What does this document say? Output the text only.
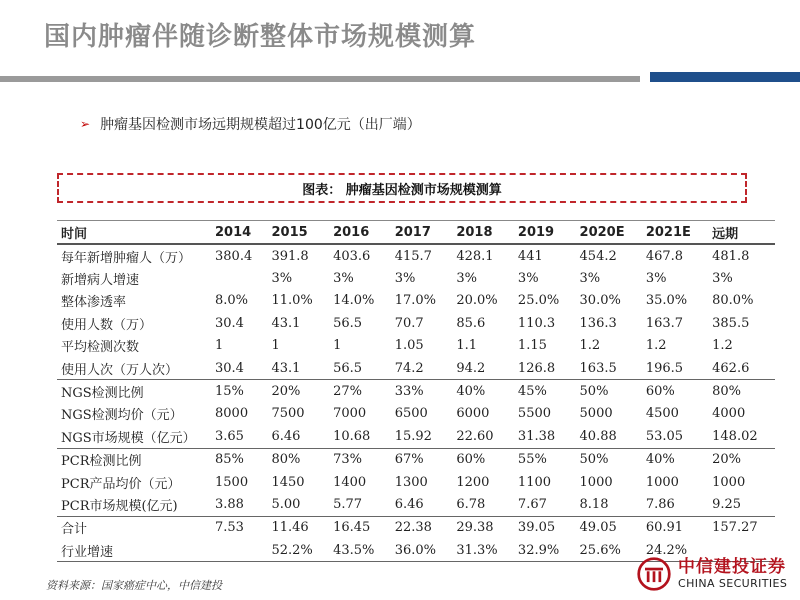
国内肿瘤伴随诊断整体市场规模测算
➢ 肿瘤基因检测市场远期规模超过100亿元（出厂端）
图表： 肿瘤基因检测市场规模测算
时间	2014	2015	2016	2017	2018	2019	2020E	2021E	远期
每年新增肿瘤人（万）	380.4	391.8	403.6	415.7	428.1	441	454.2	467.8	481.8
新增病人增速		3%	3%	3%	3%	3%	3%	3%	3%
整体渗透率	8.0%	11.0%	14.0%	17.0%	20.0%	25.0%	30.0%	35.0%	80.0%
使用人数（万）	30.4	43.1	56.5	70.7	85.6	110.3	136.3	163.7	385.5
平均检测次数	1	1	1	1.05	1.1	1.15	1.2	1.2	1.2
使用人次（万人次）	30.4	43.1	56.5	74.2	94.2	126.8	163.5	196.5	462.6
NGS检测比例	15%	20%	27%	33%	40%	45%	50%	60%	80%
NGS检测均价（元）	8000	7500	7000	6500	6000	5500	5000	4500	4000
NGS市场规模（亿元）	3.65	6.46	10.68	15.92	22.60	31.38	40.88	53.05	148.02
PCR检测比例	85%	80%	73%	67%	60%	55%	50%	40%	20%
PCR产品均价（元）	1500	1450	1400	1300	1200	1100	1000	1000	1000
PCR市场规模(亿元)	3.88	5.00	5.77	6.46	6.78	7.67	8.18	7.86	9.25
合计	7.53	11.46	16.45	22.38	29.38	39.05	49.05	60.91	157.27
行业增速		52.2%	43.5%	36.0%	31.3%	32.9%	25.6%	24.2%	
资料来源：国家癌症中心，中信建投
中信建投证券
CHINA SECURITIES
